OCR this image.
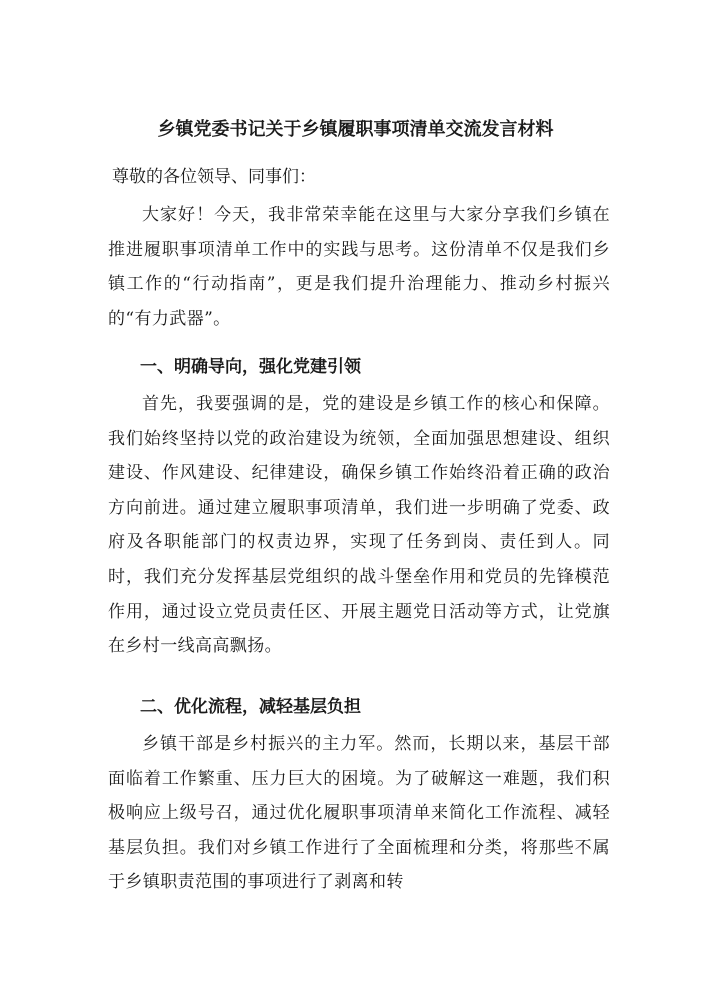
乡镇党委书记关于乡镇履职事项清单交流发言材料
尊敬的各位领导、同事们：

大家好！今天，我非常荣幸能在这里与大家分享我们乡镇在推进履职事项清单工作中的实践与思考。这份清单不仅是我们乡镇工作的“行动指南”，更是我们提升治理能力、推动乡村振兴的“有力武器”。

一、明确导向，强化党建引领

首先，我要强调的是，党的建设是乡镇工作的核心和保障。我们始终坚持以党的政治建设为统领，全面加强思想建设、组织建设、作风建设、纪律建设，确保乡镇工作始终沿着正确的政治方向前进。通过建立履职事项清单，我们进一步明确了党委、政府及各职能部门的权责边界，实现了任务到岗、责任到人。同时，我们充分发挥基层党组织的战斗堡垒作用和党员的先锋模范作用，通过设立党员责任区、开展主题党日活动等方式，让党旗在乡村一线高高飘扬。

二、优化流程，减轻基层负担

乡镇干部是乡村振兴的主力军。然而，长期以来，基层干部面临着工作繁重、压力巨大的困境。为了破解这一难题，我们积极响应上级号召，通过优化履职事项清单来简化工作流程、减轻基层负担。我们对乡镇工作进行了全面梳理和分类，将那些不属于乡镇职责范围的事项进行了剥离和转
